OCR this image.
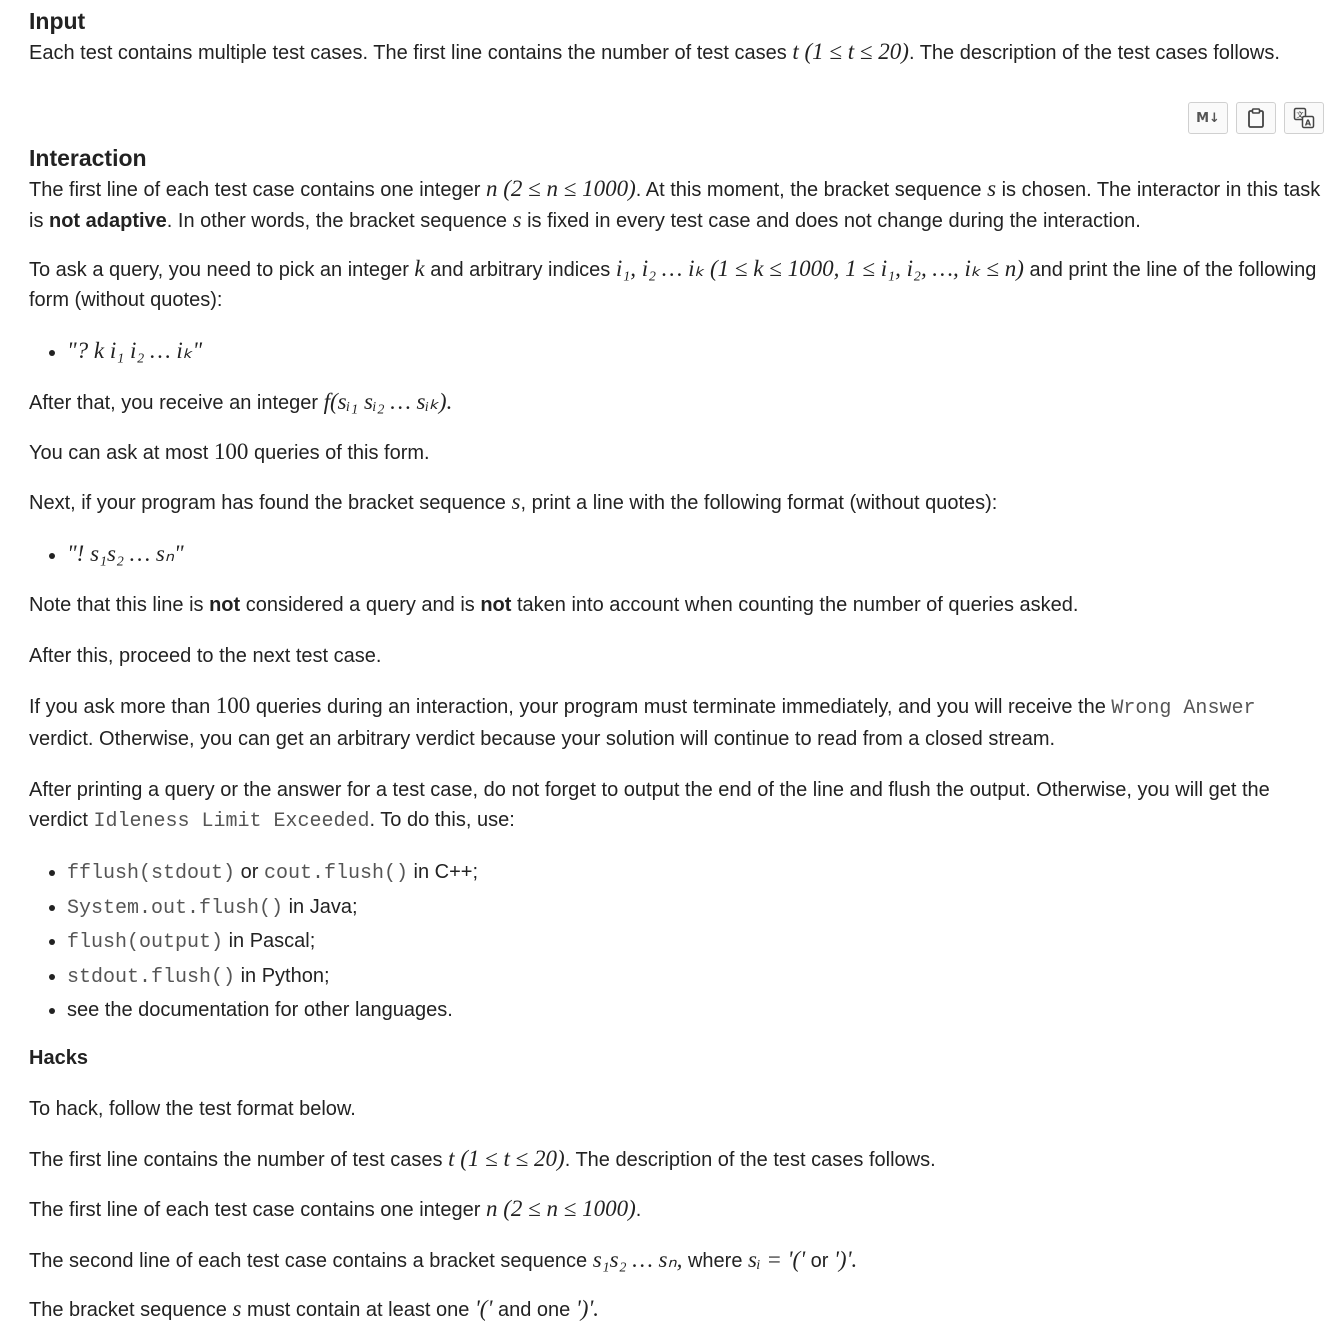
M↓	A
文
Input

Each test contains multiple test cases. The first line contains the number of test cases t (1 ≤ t ≤ 20). The description of the test cases follows.

Interaction

The first line of each test case contains one integer n (2 ≤ n ≤ 1000). At this moment, the bracket sequence s is chosen. The interactor in this task is not adaptive. In other words, the bracket sequence s is fixed in every test case and does not change during the interaction.

To ask a query, you need to pick an integer k and arbitrary indices i₁, i₂ … iₖ (1 ≤ k ≤ 1000, 1 ≤ i₁, i₂, …, iₖ ≤ n) and print the line of the following form (without quotes):

• "? k i₁ i₂ … iₖ"

After that, you receive an integer f(sᵢ₁ sᵢ₂ … sᵢₖ).

You can ask at most 100 queries of this form.

Next, if your program has found the bracket sequence s, print a line with the following format (without quotes):

• "! s₁s₂ … sₙ"

Note that this line is not considered a query and is not taken into account when counting the number of queries asked.

After this, proceed to the next test case.

If you ask more than 100 queries during an interaction, your program must terminate immediately, and you will receive the Wrong Answer verdict. Otherwise, you can get an arbitrary verdict because your solution will continue to read from a closed stream.

After printing a query or the answer for a test case, do not forget to output the end of the line and flush the output. Otherwise, you will get the verdict Idleness Limit Exceeded. To do this, use:

• fflush(stdout) or cout.flush() in C++;
• System.out.flush() in Java;
• flush(output) in Pascal;
• stdout.flush() in Python;
• see the documentation for other languages.

Hacks

To hack, follow the test format below.

The first line contains the number of test cases t (1 ≤ t ≤ 20). The description of the test cases follows.

The first line of each test case contains one integer n (2 ≤ n ≤ 1000).

The second line of each test case contains a bracket sequence s₁s₂ … sₙ, where sᵢ = '(' or ')'.

The bracket sequence s must contain at least one '(' and one ')'.
